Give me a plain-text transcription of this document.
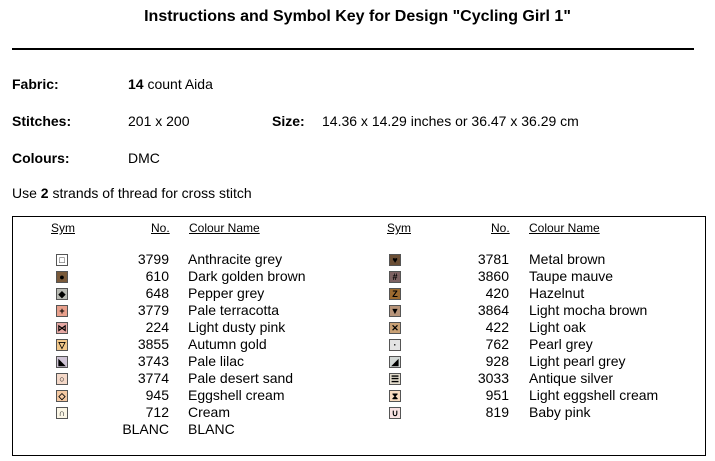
Instructions and Symbol Key for Design "Cycling Girl 1"
Fabric:	14 count Aida
Stitches:	201 x 200	Size: 14.36 x 14.29 inches or 36.47 x 36.29 cm
Colours:	DMC
Use 2 strands of thread for cross stitch
Sym	No. Colour Name	Sym	No. Colour Name
□	3799 Anthracite grey
●	610 Dark golden brown
◆	648 Pepper grey
+	3779 Pale terracotta
⋈	224 Light dusty pink
▽	3855 Autumn gold
◣	3743 Pale lilac
○	3774 Pale desert sand
◇	945 Eggshell cream
∩	712 Cream
BLANC BLANC
♥	3781 Metal brown
#	3860 Taupe mauve
Z	420 Hazelnut
▼	3864 Light mocha brown
✕	422 Light oak
·	762 Pearl grey
◢	928 Light pearl grey
☰	3033 Antique silver
⧗	951 Light eggshell cream
∪	819 Baby pink
